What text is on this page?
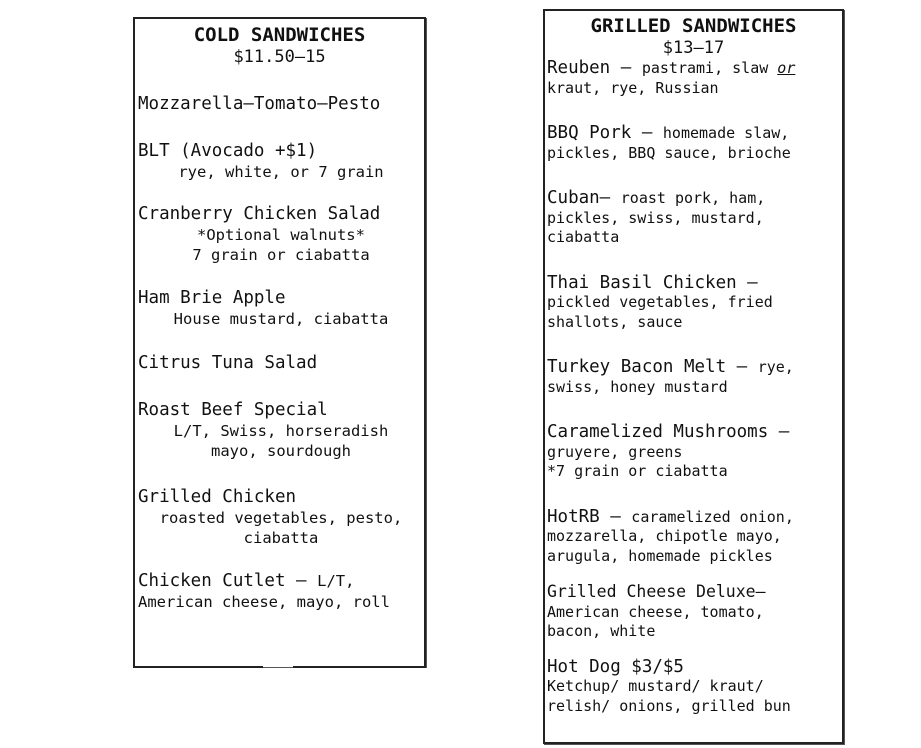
COLD SANDWICHES
$11.50–15
Mozzarella–Tomato–Pesto
BLT (Avocado +$1)
rye, white, or 7 grain
Cranberry Chicken Salad
*Optional walnuts*
7 grain or ciabatta
Ham Brie Apple
House mustard, ciabatta
Citrus Tuna Salad
Roast Beef Special
L/T, Swiss, horseradish
mayo, sourdough
Grilled Chicken
roasted vegetables, pesto,
ciabatta
Chicken Cutlet – L/T,
American cheese, mayo, roll
GRILLED SANDWICHES
$13–17
Reuben – pastrami, slaw or
kraut, rye, Russian
BBQ Pork – homemade slaw,
pickles, BBQ sauce, brioche
Cuban– roast pork, ham,
pickles, swiss, mustard,
ciabatta
Thai Basil Chicken –
pickled vegetables, fried
shallots, sauce
Turkey Bacon Melt – rye,
swiss, honey mustard
Caramelized Mushrooms –
gruyere, greens
*7 grain or ciabatta
HotRB – caramelized onion,
mozzarella, chipotle mayo,
arugula, homemade pickles
Grilled Cheese Deluxe–
American cheese, tomato,
bacon, white
Hot Dog $3/$5
Ketchup/ mustard/ kraut/
relish/ onions, grilled bun
